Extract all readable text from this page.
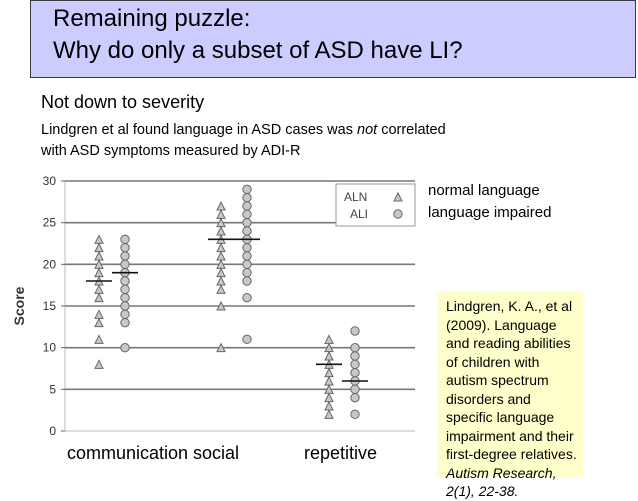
Remaining puzzle:
Why do only a subset of ASD have LI?
Not down to severity
Lindgren et al found language in ASD cases was not correlated
with ASD symptoms measured by ADI-R
0
5
10
15
20
25
30
Score
ALN
ALI
normal language
language impaired
Lindgren, K. A., et al (2009). Language and reading abilities of children with autism spectrum disorders and specific language impairment and their first-degree relatives. Autism Research, 2(1), 22-38.
communication social	repetitive
